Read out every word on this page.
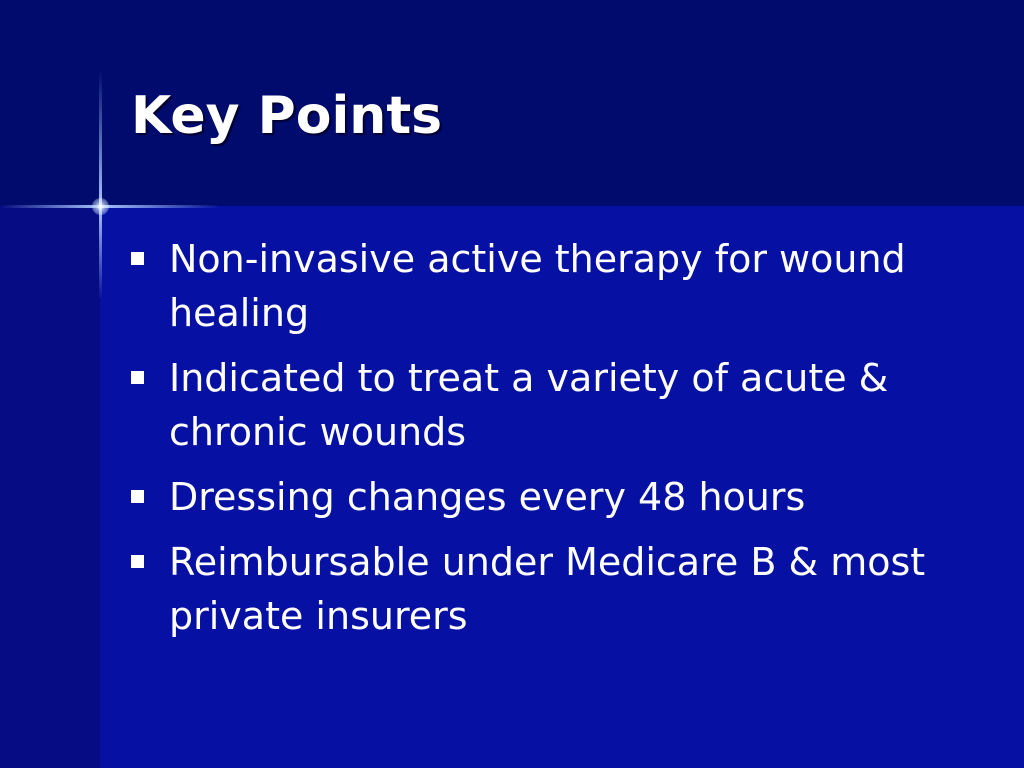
Key Points
Non-invasive active therapy for wound healing
Indicated to treat a variety of acute & chronic wounds
Dressing changes every 48 hours
Reimbursable under Medicare B & most private insurers
